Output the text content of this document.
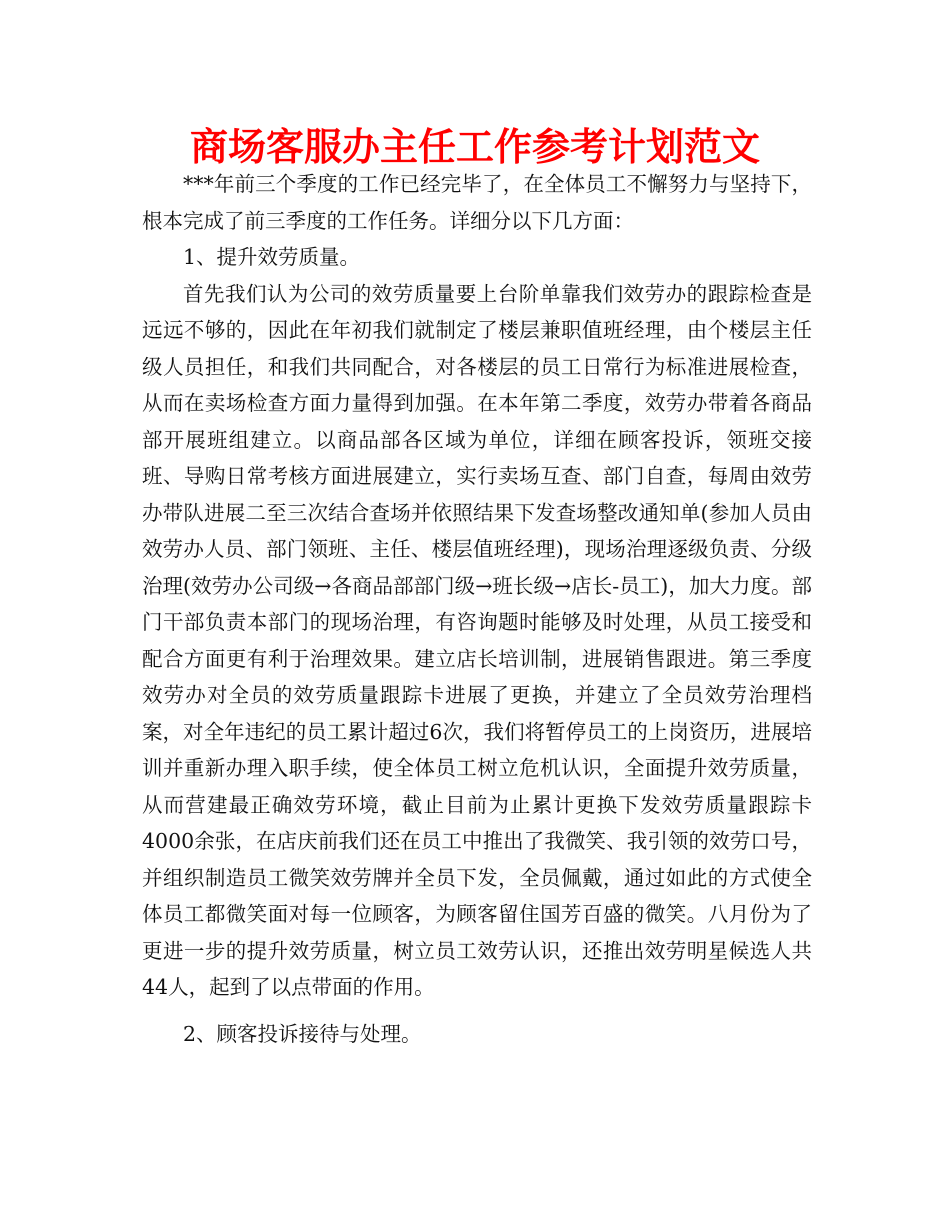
商场客服办主任工作参考计划范文

***年前三个季度的工作已经完毕了，在全体员工不懈努力与坚持下，根本完成了前三季度的工作任务。详细分以下几方面：

1、提升效劳质量。

首先我们认为公司的效劳质量要上台阶单靠我们效劳办的跟踪检查是远远不够的，因此在年初我们就制定了楼层兼职值班经理，由个楼层主任级人员担任，和我们共同配合，对各楼层的员工日常行为标准进展检查，从而在卖场检查方面力量得到加强。在本年第二季度，效劳办带着各商品部开展班组建立。以商品部各区域为单位，详细在顾客投诉，领班交接班、导购日常考核方面进展建立，实行卖场互查、部门自查，每周由效劳办带队进展二至三次结合查场并依照结果下发查场整改通知单(参加人员由效劳办人员、部门领班、主任、楼层值班经理)，现场治理逐级负责、分级治理(效劳办公司级→各商品部部门级→班长级→店长-员工)，加大力度。部门干部负责本部门的现场治理，有咨询题时能够及时处理，从员工接受和配合方面更有利于治理效果。建立店长培训制，进展销售跟进。第三季度效劳办对全员的效劳质量跟踪卡进展了更换，并建立了全员效劳治理档案，对全年违纪的员工累计超过6次，我们将暂停员工的上岗资历，进展培训并重新办理入职手续，使全体员工树立危机认识，全面提升效劳质量，从而营建最正确效劳环境，截止目前为止累计更换下发效劳质量跟踪卡4000余张，在店庆前我们还在员工中推出了我微笑、我引领的效劳口号，并组织制造员工微笑效劳牌并全员下发，全员佩戴，通过如此的方式使全体员工都微笑面对每一位顾客，为顾客留住国芳百盛的微笑。八月份为了更进一步的提升效劳质量，树立员工效劳认识，还推出效劳明星候选人共44人，起到了以点带面的作用。

2、顾客投诉接待与处理。
